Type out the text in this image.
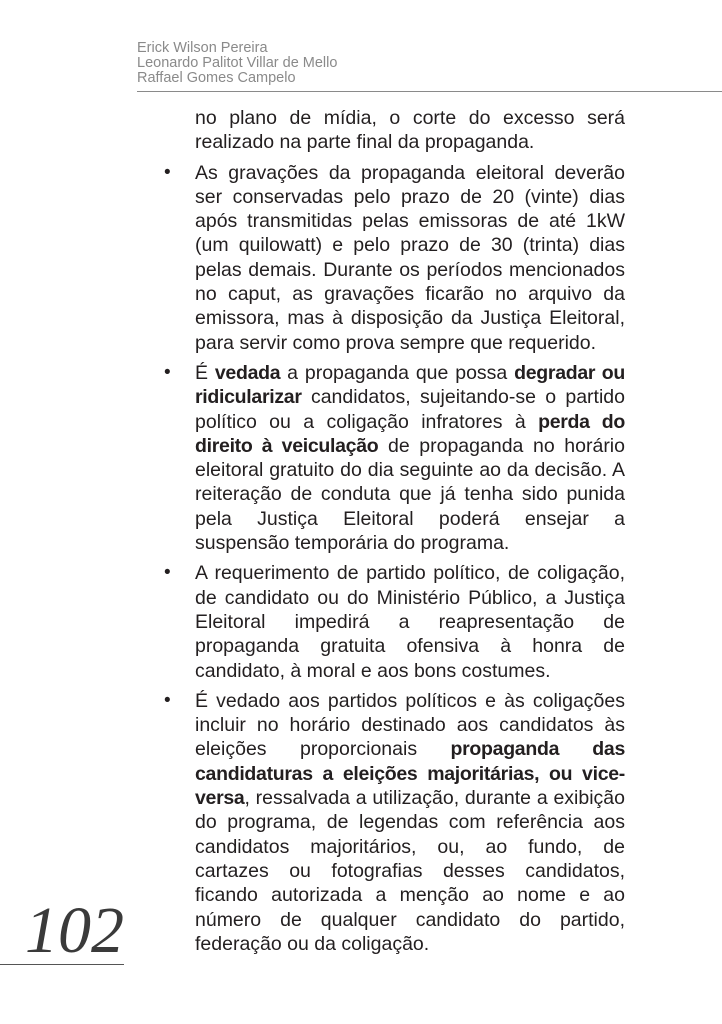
Erick Wilson Pereira
Leonardo Palitot Villar de Mello
Raffael Gomes Campelo

no plano de mídia, o corte do excesso será realizado na parte final da propaganda.

• As gravações da propaganda eleitoral deverão ser conservadas pelo prazo de 20 (vinte) dias após transmitidas pelas emissoras de até 1kW (um quilowatt) e pelo prazo de 30 (trinta) dias pelas demais. Durante os períodos mencionados no caput, as gravações ficarão no arquivo da emissora, mas à disposição da Justiça Eleitoral, para servir como prova sempre que requerido.

• É vedada a propaganda que possa degradar ou ridicularizar candidatos, sujeitando-se o partido político ou a coligação infratores à perda do direito à veiculação de propaganda no horário eleitoral gratuito do dia seguinte ao da decisão. A reiteração de conduta que já tenha sido punida pela Justiça Eleitoral poderá ensejar a suspensão temporária do programa.

• A requerimento de partido político, de coligação, de candidato ou do Ministério Público, a Justiça Eleitoral impedirá a reapresentação de propaganda gratuita ofensiva à honra de candidato, à moral e aos bons costumes.

• É vedado aos partidos políticos e às coligações incluir no horário destinado aos candidatos às eleições proporcionais propaganda das candidaturas a eleições majoritárias, ou vice-versa, ressalvada a utilização, durante a exibição do programa, de legendas com referência aos candidatos majoritários, ou, ao fundo, de cartazes ou fotografias desses candidatos, ficando autorizada a menção ao nome e ao número de qualquer candidato do partido, federação ou da coligação.

102
